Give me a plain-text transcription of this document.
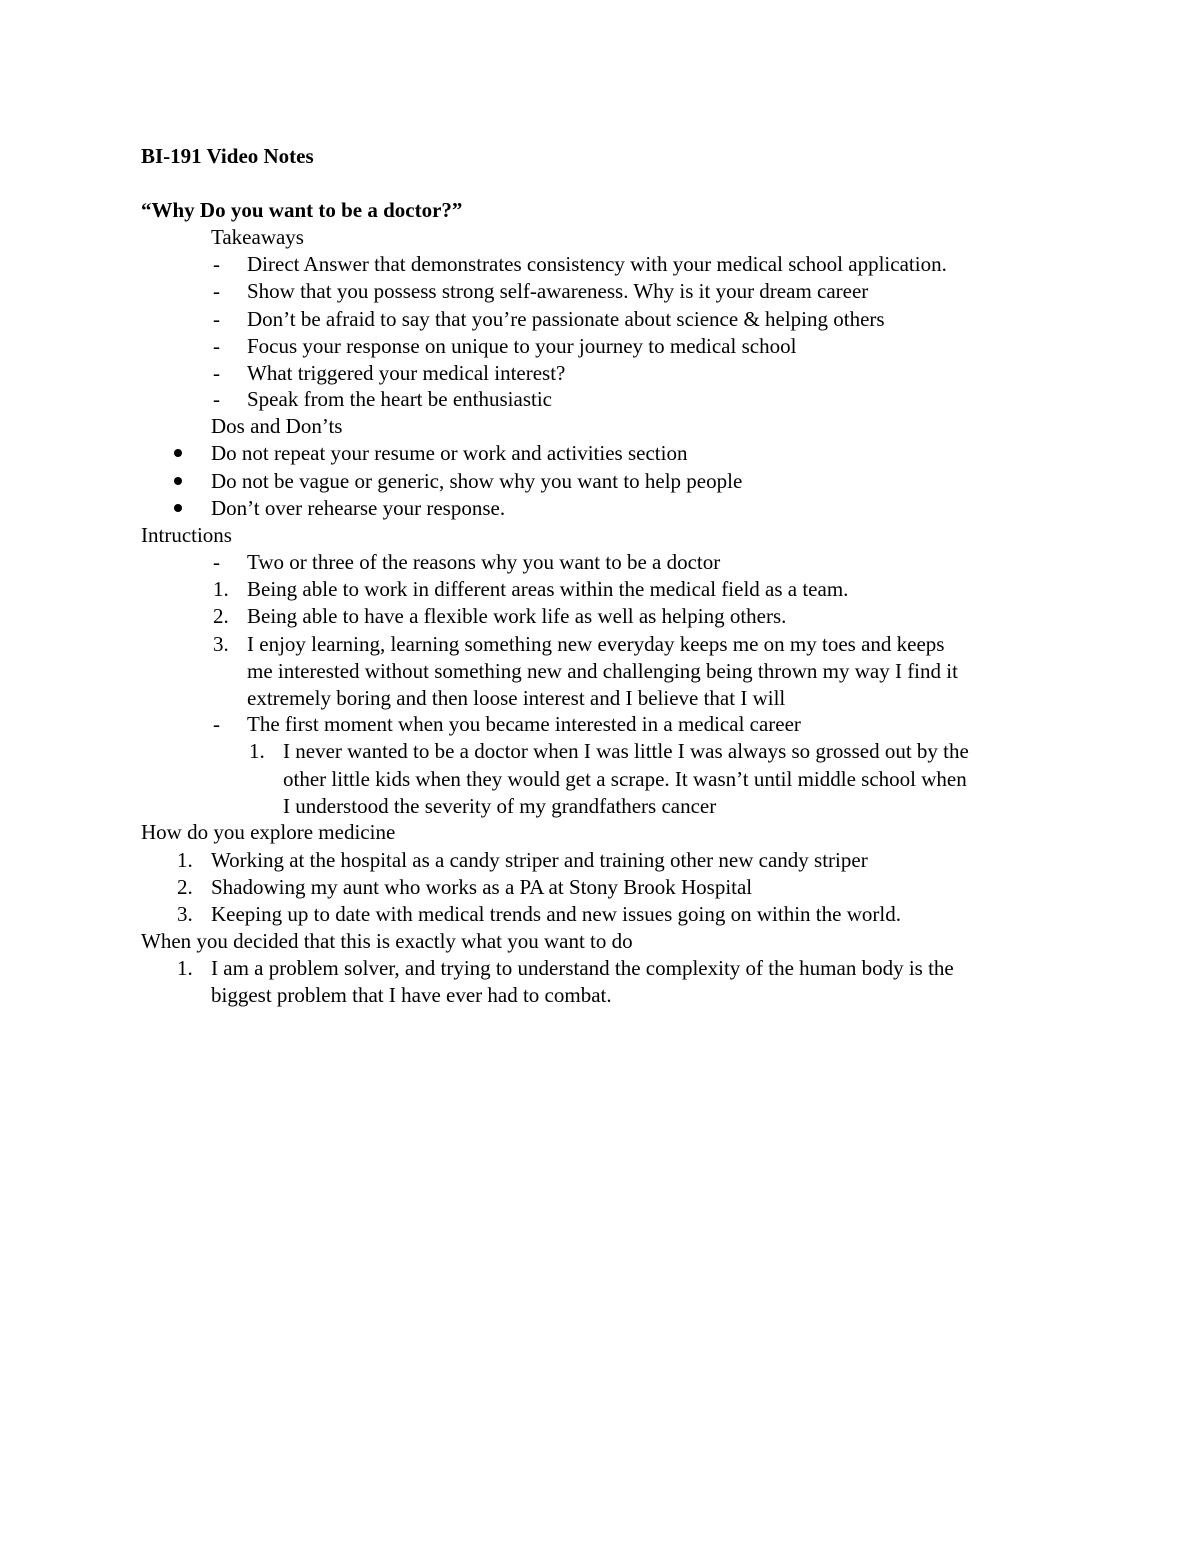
BI-191 Video Notes
“Why Do you want to be a doctor?”
Takeaways
- Direct Answer that demonstrates consistency with your medical school application.
- Show that you possess strong self-awareness. Why is it your dream career
- Don’t be afraid to say that you’re passionate about science & helping others
- Focus your response on unique to your journey to medical school
- What triggered your medical interest?
- Speak from the heart be enthusiastic
Dos and Don’ts
Do not repeat your resume or work and activities section
Do not be vague or generic, show why you want to help people
Don’t over rehearse your response.
Intructions
- Two or three of the reasons why you want to be a doctor
1. Being able to work in different areas within the medical field as a team.
2. Being able to have a flexible work life as well as helping others.
3. I enjoy learning, learning something new everyday keeps me on my toes and keeps
me interested without something new and challenging being thrown my way I find it
extremely boring and then loose interest and I believe that I will
- The first moment when you became interested in a medical career
1. I never wanted to be a doctor when I was little I was always so grossed out by the
other little kids when they would get a scrape. It wasn’t until middle school when
I understood the severity of my grandfathers cancer
How do you explore medicine
1. Working at the hospital as a candy striper and training other new candy striper
2. Shadowing my aunt who works as a PA at Stony Brook Hospital
3. Keeping up to date with medical trends and new issues going on within the world.
When you decided that this is exactly what you want to do
1. I am a problem solver, and trying to understand the complexity of the human body is the
biggest problem that I have ever had to combat.
